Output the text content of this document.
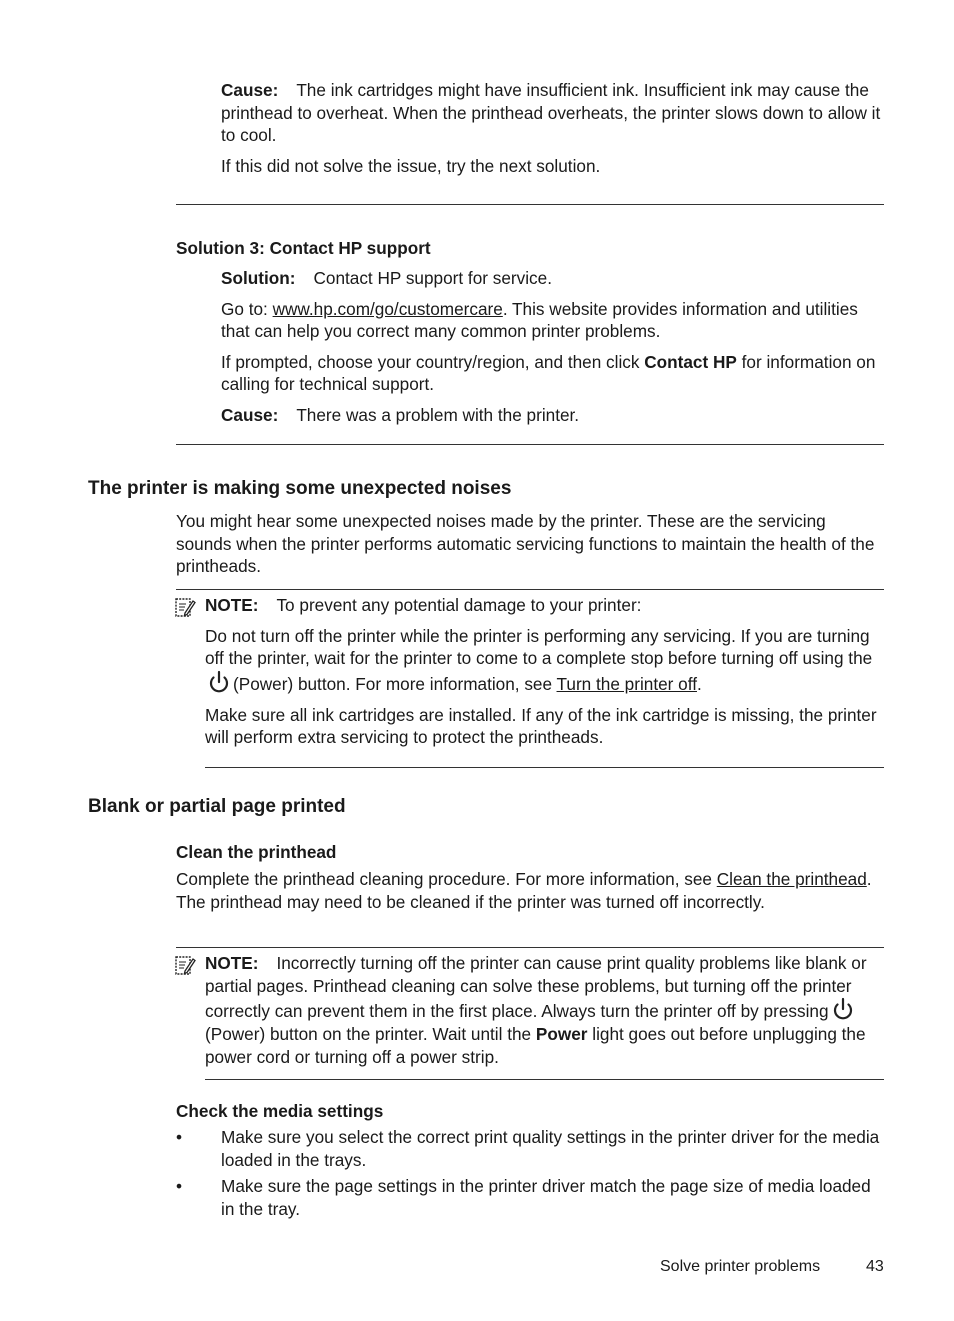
Cause: The ink cartridges might have insufficient ink. Insufficient ink may cause the printhead to overheat. When the printhead overheats, the printer slows down to allow it to cool.

If this did not solve the issue, try the next solution.

Solution 3: Contact HP support

Solution: Contact HP support for service.

Go to: www.hp.com/go/customercare. This website provides information and utilities that can help you correct many common printer problems.

If prompted, choose your country/region, and then click Contact HP for information on calling for technical support.

Cause: There was a problem with the printer.

The printer is making some unexpected noises

You might hear some unexpected noises made by the printer. These are the servicing sounds when the printer performs automatic servicing functions to maintain the health of the printheads.

NOTE: To prevent any potential damage to your printer:

Do not turn off the printer while the printer is performing any servicing. If you are turning off the printer, wait for the printer to come to a complete stop before turning off using the(Power) button. For more information, see Turn the printer off.

Make sure all ink cartridges are installed. If any of the ink cartridge is missing, the printer will perform extra servicing to protect the printheads.

Blank or partial page printed
Clean the printhead

Complete the printhead cleaning procedure. For more information, see Clean the printhead. The printhead may need to be cleaned if the printer was turned off incorrectly.

NOTE: Incorrectly turning off the printer can cause print quality problems like blank or partial pages. Printhead cleaning can solve these problems, but turning off the printer correctly can prevent them in the first place. Always turn the printer off by pressing(Power) button on the printer. Wait until the Power light goes out before unplugging the power cord or turning off a power strip.

Check the media settings
• Make sure you select the correct print quality settings in the printer driver for the media loaded in the trays.

• Make sure the page settings in the printer driver match the page size of media loaded in the tray.

Solve printer problems	43
